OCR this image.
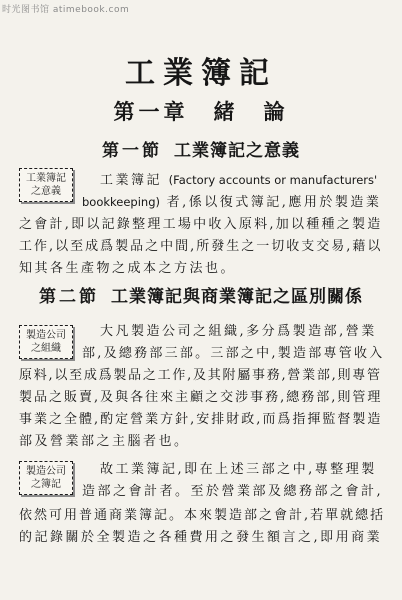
时光图书馆 atimebook.com
工業簿記
第一章　緒　論
第一節 工業簿記之意義
工業簿記
之意義

工業簿記 (Factory accounts or manufacturers'

bookkeeping) 者,係以復式簿記,應用於製造業

之會計,即以記錄整理工場中收入原料,加以種種之製造

工作,以至成爲製品之中間,所發生之一切收支交易,藉以

知其各生產物之成本之方法也。

第二節 工業簿記與商業簿記之區別關係
製造公司
之組織

大凡製造公司之組織,多分爲製造部,營業

部,及總務部三部。三部之中,製造部專管收入

原料,以至成爲製品之工作,及其附屬事務,營業部,則專管

製品之販賣,及與各往來主顧之交涉事務,總務部,則管理

事業之全體,酌定營業方針,安排財政,而爲指揮監督製造

部及營業部之主腦者也。

製造公司
之簿記

故工業簿記,即在上述三部之中,專整理製

造部之會計者。至於營業部及總務部之會計,

依然可用普通商業簿記。本來製造部之會計,若單就總括

的記錄關於全製造之各種費用之發生額言之,即用商業
